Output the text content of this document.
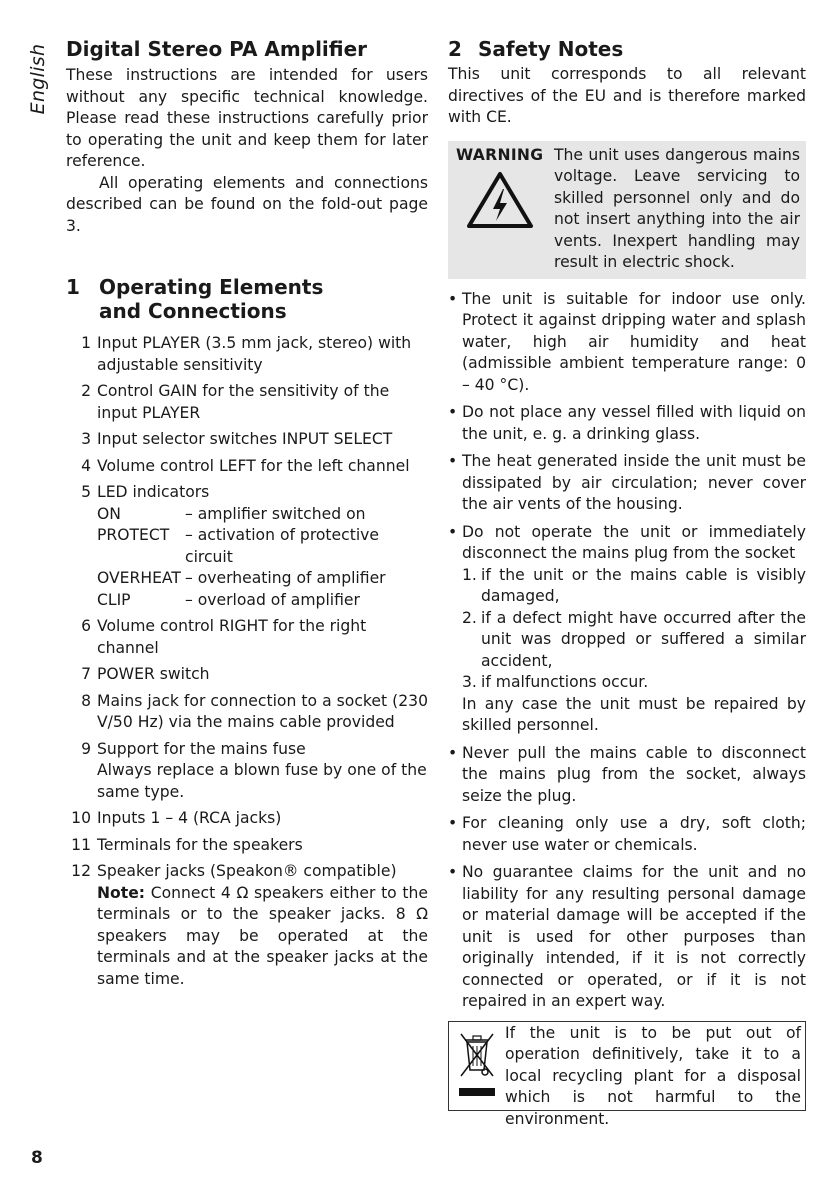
English Digital Stereo PA Amplifier
These instructions are intended for users without any specific technical knowledge. Please read these instructions carefully prior to operating the unit and keep them for later reference.
All operating elements and connections described can be found on the fold-out page 3.
1 Operating Elements
and Connections
1 Input PLAYER (3.5 mm jack, stereo) with adjustable sensitivity
2 Control GAIN for the sensitivity of the input PLAYER
3 Input selector switches INPUT SELECT
4 Volume control LEFT for the left channel
5 LED indicators
ON	– amplifier switched on
PROTECT	– activation of protective circuit
OVERHEAT – overheating of amplifier
CLIP	– overload of amplifier
6 Volume control RIGHT for the right channel
7 POWER switch
8 Mains jack for connection to a socket (230 V/50 Hz) via the mains cable provided
9 Support for the mains fuse
Always replace a blown fuse by one of the same type.
10 Inputs 1 – 4 (RCA jacks)
11 Terminals for the speakers
12 Speaker jacks (Speakon® compatible)
Note: Connect 4 Ω speakers either to the terminals or to the speaker jacks. 8 Ω speakers may be operated at the terminals and at the speaker jacks at the same time.
2 Safety Notes
This unit corresponds to all relevant directives of the EU and is therefore marked with CE.
WARNING The unit uses dangerous mains voltage. Leave servicing to skilled personnel only and do not insert anything into the air vents. Inexpert handling may result in electric shock.
• The unit is suitable for indoor use only. Protect it against dripping water and splash water, high air humidity and heat (admissible ambient temperature range: 0 – 40 °C).
• Do not place any vessel filled with liquid on the unit, e. g. a drinking glass.
• The heat generated inside the unit must be dissipated by air circulation; never cover the air vents of the housing.
• Do not operate the unit or immediately disconnect the mains plug from the socket
1. if the unit or the mains cable is visibly damaged,
2. if a defect might have occurred after the unit was dropped or suffered a similar accident,
3. if malfunctions occur.
In any case the unit must be repaired by skilled personnel.
• Never pull the mains cable to disconnect the mains plug from the socket, always seize the plug.
• For cleaning only use a dry, soft cloth; never use water or chemicals.
• No guarantee claims for the unit and no liability for any resulting personal damage or material damage will be accepted if the unit is used for other purposes than originally intended, if it is not correctly connected or operated, or if it is not repaired in an expert way.
If the unit is to be put out of operation definitively, take it to a local recycling plant for a disposal which is not harmful to the environment.
8
